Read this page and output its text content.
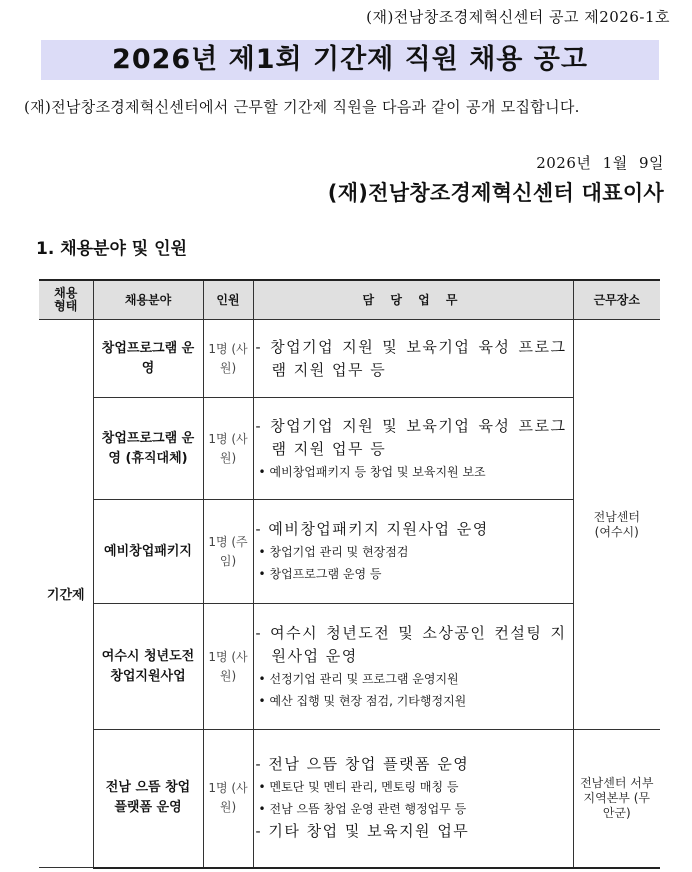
(재)전남창조경제혁신센터 공고 제2026-1호
2026년 제1회 기간제 직원 채용 공고
(재)전남창조경제혁신센터에서 근무할 기간제 직원을 다음과 같이 공개 모집합니다.
2026년 1월 9일
(재)전남창조경제혁신센터 대표이사
1. 채용분야 및 인원
채용 형태	채용분야	인원	담 당 업 무	근무장소
기간제	창업프로그램 운영	1명 (사원)	- 창업기업 지원 및 보육기업 육성 프로그램 지원 업무 등	전남센터 (여수시)

	창업프로그램 운영 (휴직대체)	1명 (사원)	- 창업기업 지원 및 보육기업 육성 프로그램 지원 업무 등
• 예비창업패키지 등 창업 및 보육지원 보조

	예비창업패키지	1명 (주임)	- 예비창업패키지 지원사업 운영
• 창업기업 관리 및 현장점검
• 창업프로그램 운영 등

	여수시 청년도전 창업지원사업	1명 (사원)	- 여수시 청년도전 및 소상공인 컨설팅 지원사업 운영
• 선정기업 관리 및 프로그램 운영지원
• 예산 집행 및 현장 점검, 기타행정지원

	전남 으뜸 창업 플랫폼 운영	1명 (사원)	- 전남 으뜸 창업 플랫폼 운영
• 멘토단 및 멘티 관리, 멘토링 매칭 등
• 전남 으뜸 창업 운영 관련 행정업무 등
- 기타 창업 및 보육지원 업무	전남센터 서부지역본부 (무안군)
